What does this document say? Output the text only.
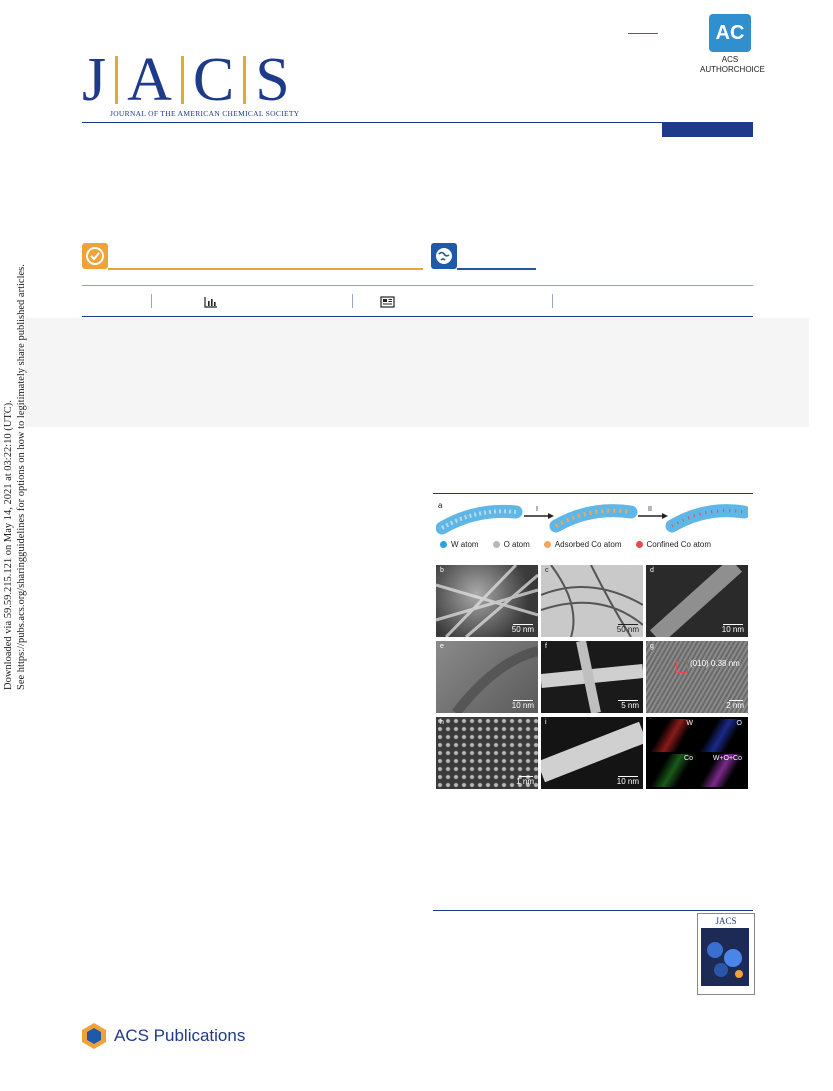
AC
ACS
AUTHORCHOICE
J A C S
JOURNAL OF THE AMERICAN CHEMICAL SOCIETY
Downloaded via 59.59.215.121 on May 14, 2021 at 03:22:10 (UTC). See https://pubs.acs.org/sharingguidelines for options on how to legitimately share published articles.	a	I	II
W atom	O atom	Adsorbed Co atom	Confined Co atom
b
50 nm
c
50 nm
d
10 nm
e
10 nm
f
5 nm
g
(010) 0.38 nm
2 nm
h
1 nm
i
10 nm
W	O
Co	W+O+Co
JACS
ACS Publications
